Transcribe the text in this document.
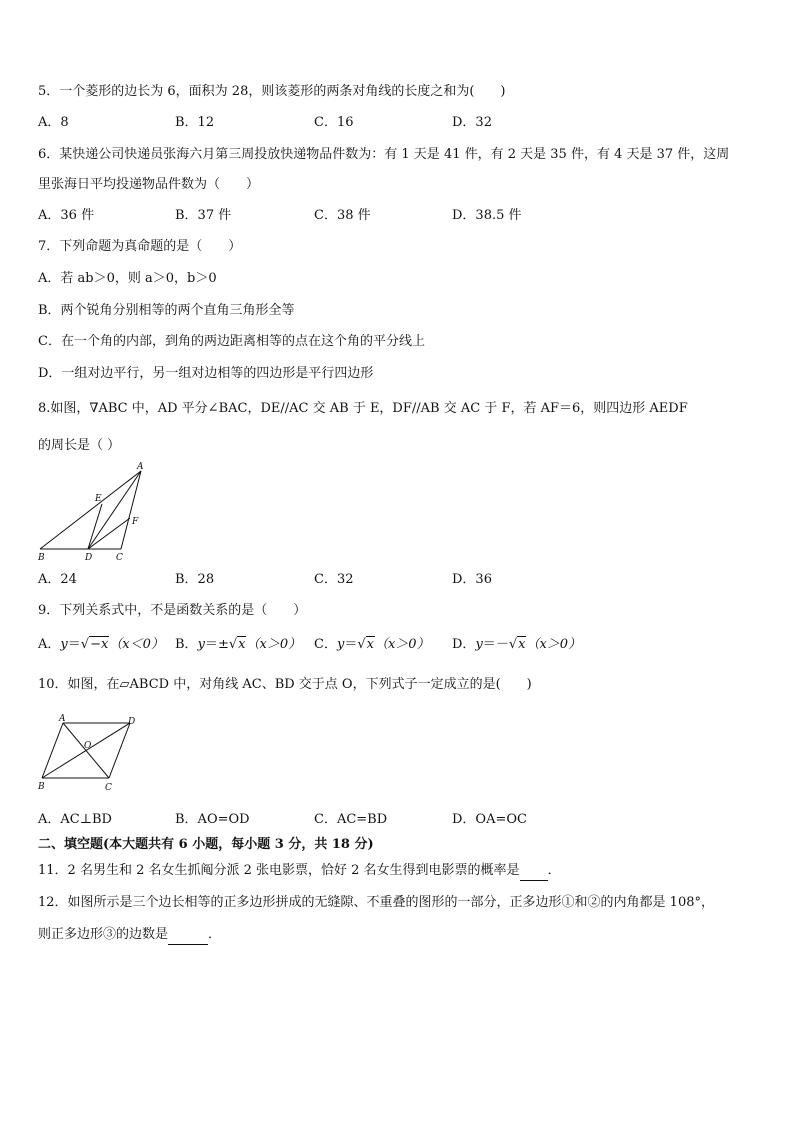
5．一个菱形的边长为 6，面积为 28，则该菱形的两条对角线的长度之和为(　　)
A．8	B．12	C．16	D．32
6．某快递公司快递员张海六月第三周投放快递物品件数为：有 1 天是 41 件，有 2 天是 35 件，有 4 天是 37 件，这周
里张海日平均投递物品件数为（　　）
A．36 件	B．37 件	C．38 件	D．38.5 件
7．下列命题为真命题的是（　　）
A．若 ab＞0，则 a＞0，b＞0
B．两个锐角分别相等的两个直角三角形全等
C．在一个角的内部，到角的两边距离相等的点在这个角的平分线上
D．一组对边平行，另一组对边相等的四边形是平行四边形
8.如图，∇ABC 中，AD 平分∠BAC，DE//AC 交 AB 于 E，DF//AB 交 AC 于 F，若 AF＝6，则四边形 AEDF
的周长是（ ）
A
B	C
D
E
F
A．24	B．28	C．32	D．36
9．下列关系式中，不是函数关系的是（　　）
A．y＝√−x（x＜0） B．y＝±√x（x＞0） C．y＝√x（x＞0） D．y＝－√x（x＞0）
10．如图，在▱ABCD 中，对角线 AC、BD 交于点 O，下列式子一定成立的是(　　)
A	D
O
B	C
A．AC⊥BD	B．AO=OD	C．AC=BD	D．OA=OC
二、填空题(本大题共有 6 小题，每小题 3 分，共 18 分)
11．2 名男生和 2 名女生抓阄分派 2 张电影票，恰好 2 名女生得到电影票的概率是 ．
12．如图所示是三个边长相等的正多边形拼成的无缝隙、不重叠的图形的一部分，正多边形①和②的内角都是 108°，
则正多边形③的边数是	．
